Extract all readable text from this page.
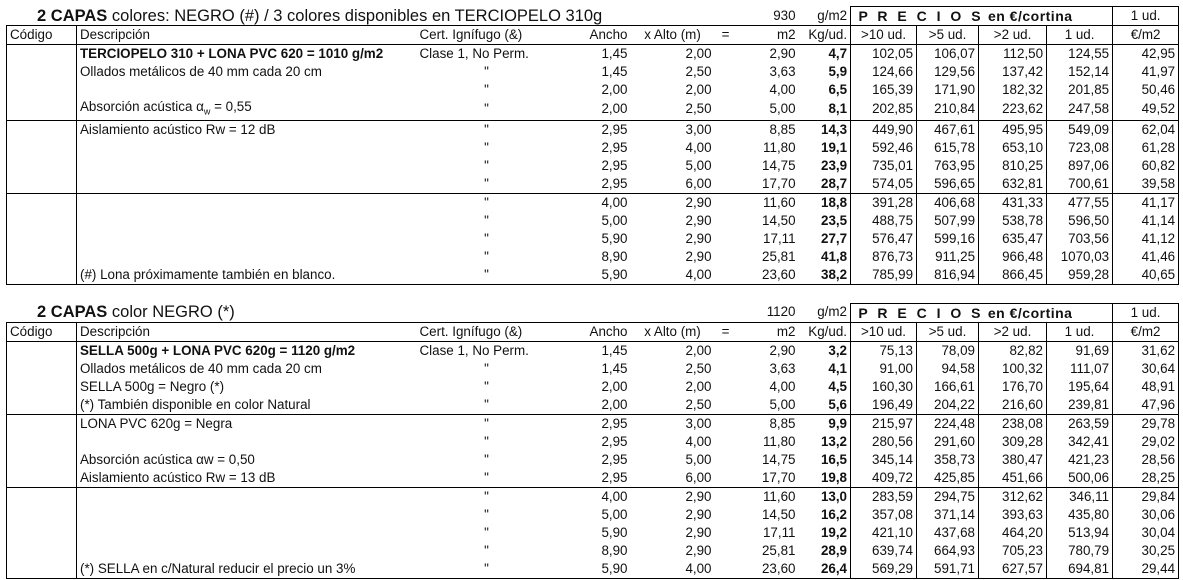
2 CAPAS colores: NEGRO (#) / 3 colores disponibles en TERCIOPELO 310g						930	g/m2	P R E C I O S en €/cortina				1 ud.
Código	Descripción	Cert. Ignífugo (&)	Ancho	x Alto (m)	=	m2	Kg/ud.	>10 ud.	>5 ud.	>2 ud.	1 ud.	€/m2
	TERCIOPELO 310 + LONA PVC 620 = 1010 g/m2	Clase 1, No Perm.	1,45	2,00		2,90	4,7	102,05	106,07	112,50	124,55	42,95
	Ollados metálicos de 40 mm cada 20 cm	"	1,45	2,50		3,63	5,9	124,66	129,56	137,42	152,14	41,97
		"	2,00	2,00		4,00	6,5	165,39	171,90	182,32	201,85	50,46
	Absorción acústica $\alpha_w = 0,55$	"	2,00	2,50		5,00	8,1	202,85	210,84	223,62	247,58	49,52
	Aislamiento acústico Rw = 12 dB	"	2,95	3,00		8,85	14,3	449,90	467,61	495,95	549,09	62,04
		"	2,95	4,00		11,80	19,1	592,46	615,78	653,10	723,08	61,28
		"	2,95	5,00		14,75	23,9	735,01	763,95	810,25	897,06	60,82
		"	2,95	6,00		17,70	28,7	574,05	596,65	632,81	700,61	39,58
		"	4,00	2,90		11,60	18,8	391,28	406,68	431,33	477,55	41,17
		"	5,00	2,90		14,50	23,5	488,75	507,99	538,78	596,50	41,14
		"	5,90	2,90		17,11	27,7	576,47	599,16	635,47	703,56	41,12
		"	8,90	2,90		25,81	41,8	876,73	911,25	966,48	1070,03	41,46
	(#) Lona próximamente también en blanco.	"	5,90	4,00		23,60	38,2	785,99	816,94	866,45	959,28	40,65
2 CAPAS color NEGRO (*)						1120	g/m2	P R E C I O S en €/cortina				1 ud.
Código	Descripción	Cert. Ignífugo (&)	Ancho	x Alto (m)	=	m2	Kg/ud.	>10 ud.	>5 ud.	>2 ud.	1 ud.	€/m2
	SELLA 500g + LONA PVC 620g = 1120 g/m2	Clase 1, No Perm.	1,45	2,00		2,90	3,2	75,13	78,09	82,82	91,69	31,62
	Ollados metálicos de 40 mm cada 20 cm	"	1,45	2,50		3,63	4,1	91,00	94,58	100,32	111,07	30,64
	SELLA 500g = Negro (*)	"	2,00	2,00		4,00	4,5	160,30	166,61	176,70	195,64	48,91
	(*) También disponible en color Natural	"	2,00	2,50		5,00	5,6	196,49	204,22	216,60	239,81	47,96
	LONA PVC 620g = Negra	"	2,95	3,00		8,85	9,9	215,97	224,48	238,08	263,59	29,78
		"	2,95	4,00		11,80	13,2	280,56	291,60	309,28	342,41	29,02
	Absorción acústica αw = 0,50	"	2,95	5,00		14,75	16,5	345,14	358,73	380,47	421,23	28,56
	Aislamiento acústico Rw = 13 dB	"	2,95	6,00		17,70	19,8	409,72	425,85	451,66	500,06	28,25
		"	4,00	2,90		11,60	13,0	283,59	294,75	312,62	346,11	29,84
		"	5,00	2,90		14,50	16,2	357,08	371,14	393,63	435,80	30,06
		"	5,90	2,90		17,11	19,2	421,10	437,68	464,20	513,94	30,04
		"	8,90	2,90		25,81	28,9	639,74	664,93	705,23	780,79	30,25
	(*) SELLA en c/Natural reducir el precio un 3%	"	5,90	4,00		23,60	26,4	569,29	591,71	627,57	694,81	29,44
